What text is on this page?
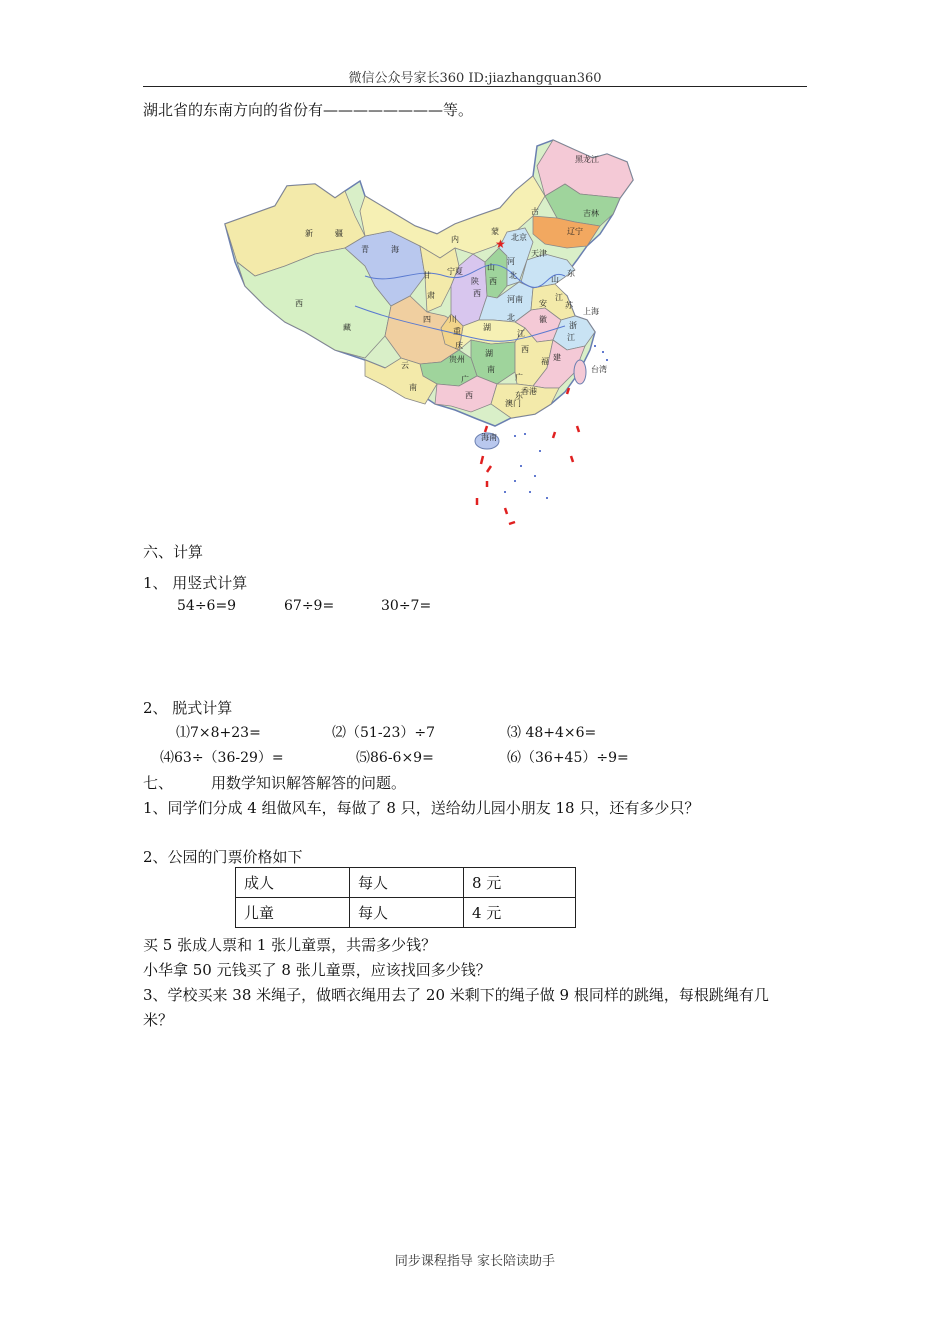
微信公众号家长360 ID:jiazhangquan360
湖北省的东南方向的省份有————————等。
★
黑龙江
吉林
辽宁
北京
天津
内
蒙
古
新	疆
青	海
西
藏
甘
肃
宁夏
陕
西
山
西
河
北	山
东
河南	江
苏
上海
安
徽
湖
北
浙
江
四 川
重
庆
贵州
湖
南
江
西
福 建
台湾
云
南
广
西
广
东
香港
澳门
海南
六、计算
1、 用竖式计算
54÷6=9	67÷9=	30÷7=
2、 脱式计算
⑴7×8+23=	⑵（51-23）÷7	⑶ 48+4×6=
⑷63÷（36-29）=	⑸86-6×9=	⑹（36+45）÷9=
七、	用数学知识解答解答的问题。
1、同学们分成 4 组做风车，每做了 8 只，送给幼儿园小朋友 18 只，还有多少只？
2、公园的门票价格如下
成人	每人	8 元
儿童	每人	4 元
买 5 张成人票和 1 张儿童票，共需多少钱？
小华拿 50 元钱买了 8 张儿童票，应该找回多少钱？
3、学校买来 38 米绳子，做晒衣绳用去了 20 米剩下的绳子做 9 根同样的跳绳，每根跳绳有几
米？
同步课程指导 家长陪读助手
